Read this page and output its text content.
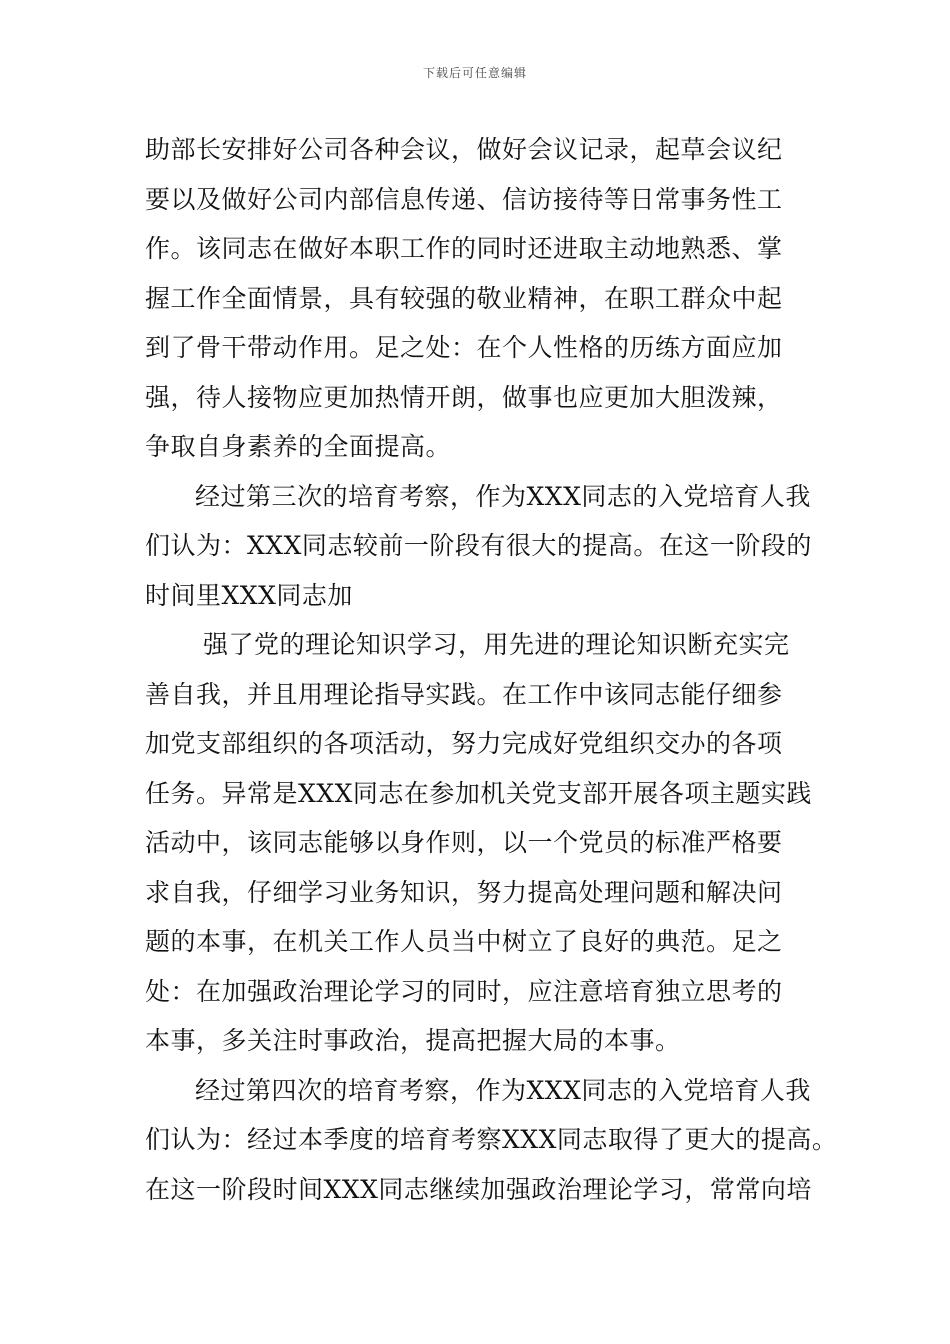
下载后可任意编辑
助部长安排好公司各种会议，做好会议记录，起草会议纪
要以及做好公司内部信息传递、信访接待等日常事务性工
作。该同志在做好本职工作的同时还进取主动地熟悉、掌
握工作全面情景，具有较强的敬业精神，在职工群众中起
到了骨干带动作用。足之处：在个人性格的历练方面应加
强，待人接物应更加热情开朗，做事也应更加大胆泼辣，
争取自身素养的全面提高。
经过第三次的培育考察，作为XXX同志的入党培育人我
们认为：XXX同志较前一阶段有很大的提高。在这一阶段的
时间里XXX同志加
强了党的理论知识学习，用先进的理论知识断充实完
善自我，并且用理论指导实践。在工作中该同志能仔细参
加党支部组织的各项活动，努力完成好党组织交办的各项
任务。异常是XXX同志在参加机关党支部开展各项主题实践
活动中，该同志能够以身作则，以一个党员的标准严格要
求自我，仔细学习业务知识，努力提高处理问题和解决问
题的本事，在机关工作人员当中树立了良好的典范。足之
处：在加强政治理论学习的同时，应注意培育独立思考的
本事，多关注时事政治，提高把握大局的本事。
经过第四次的培育考察，作为XXX同志的入党培育人我
们认为：经过本季度的培育考察XXX同志取得了更大的提高。
在这一阶段时间XXX同志继续加强政治理论学习，常常向培
